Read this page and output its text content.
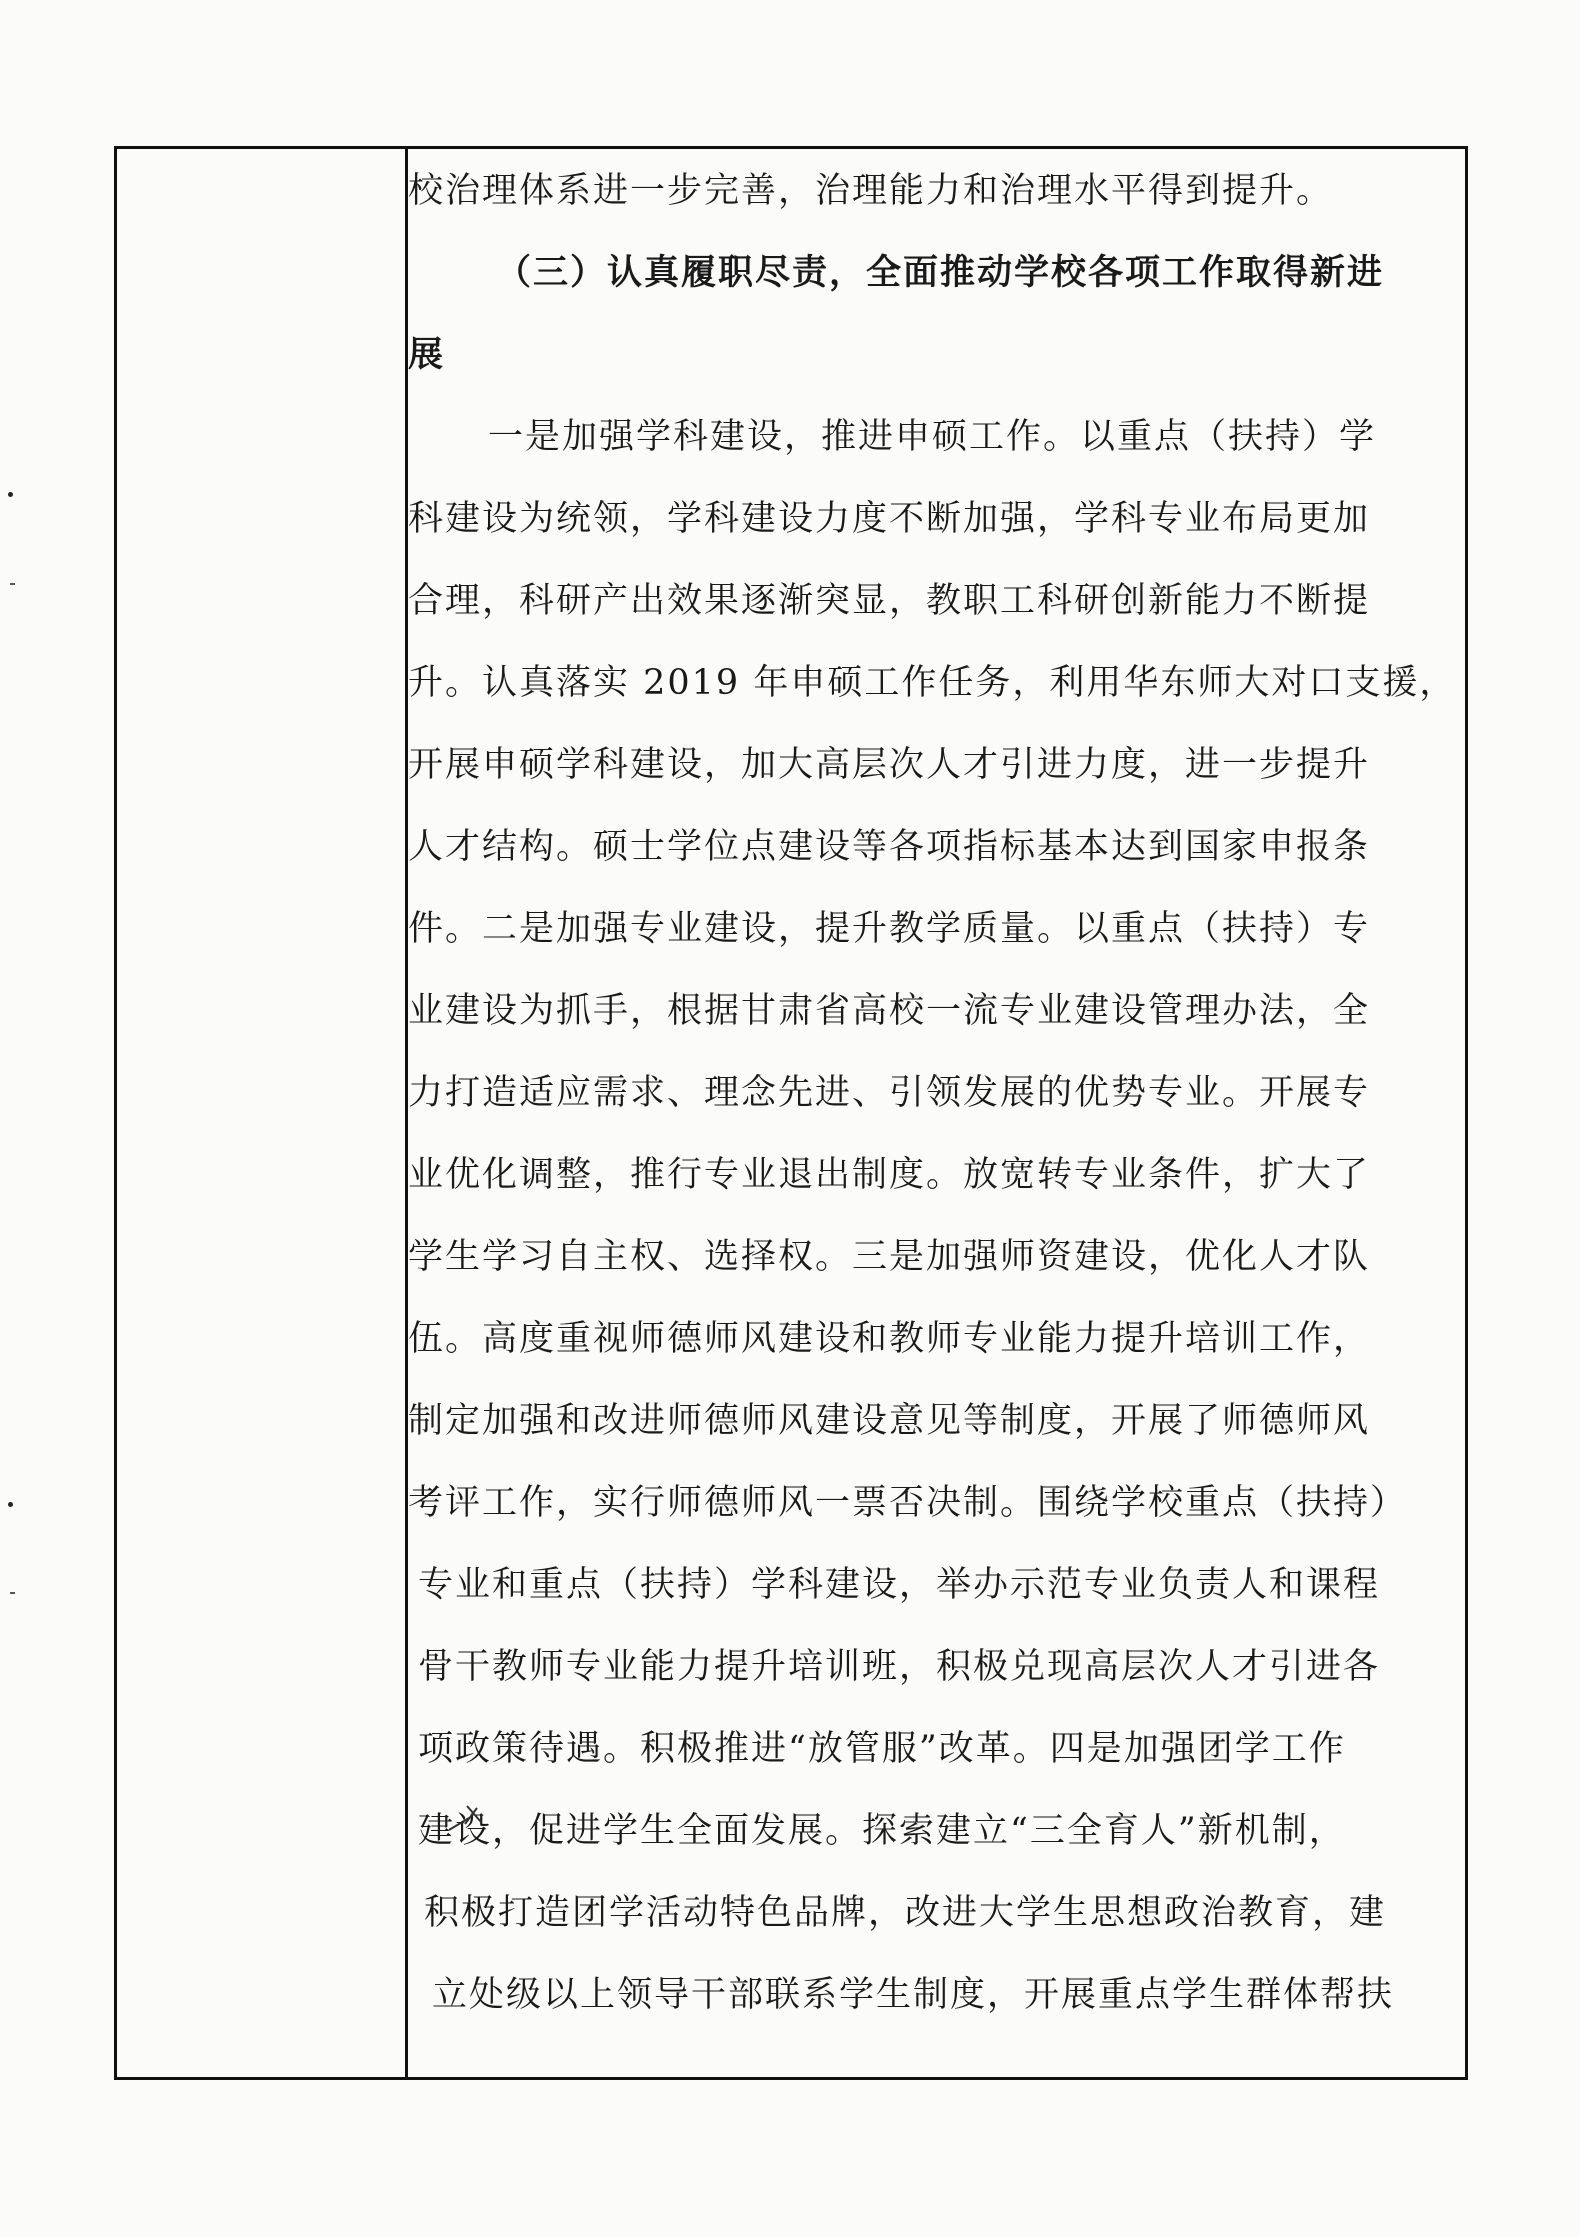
校治理体系进一步完善，治理能力和治理水平得到提升。
（三）认真履职尽责，全面推动学校各项工作取得新进
展
一是加强学科建设，推进申硕工作。以重点（扶持）学
科建设为统领，学科建设力度不断加强，学科专业布局更加
合理，科研产出效果逐渐突显，教职工科研创新能力不断提
升。认真落实 2019 年申硕工作任务，利用华东师大对口支援，
开展申硕学科建设，加大高层次人才引进力度，进一步提升
人才结构。硕士学位点建设等各项指标基本达到国家申报条
件。二是加强专业建设，提升教学质量。以重点（扶持）专
业建设为抓手，根据甘肃省高校一流专业建设管理办法，全
力打造适应需求、理念先进、引领发展的优势专业。开展专
业优化调整，推行专业退出制度。放宽转专业条件，扩大了
学生学习自主权、选择权。三是加强师资建设，优化人才队
伍。高度重视师德师风建设和教师专业能力提升培训工作，
制定加强和改进师德师风建设意见等制度，开展了师德师风
考评工作，实行师德师风一票否决制。围绕学校重点（扶持）
专业和重点（扶持）学科建设，举办示范专业负责人和课程
骨干教师专业能力提升培训班，积极兑现高层次人才引进各
项政策待遇。积极推进“放管服”改革。四是加强团学工作
建设，促进学生全面发展。探索建立“三全育人”新机制，
积极打造团学活动特色品牌，改进大学生思想政治教育，建
立处级以上领导干部联系学生制度，开展重点学生群体帮扶
